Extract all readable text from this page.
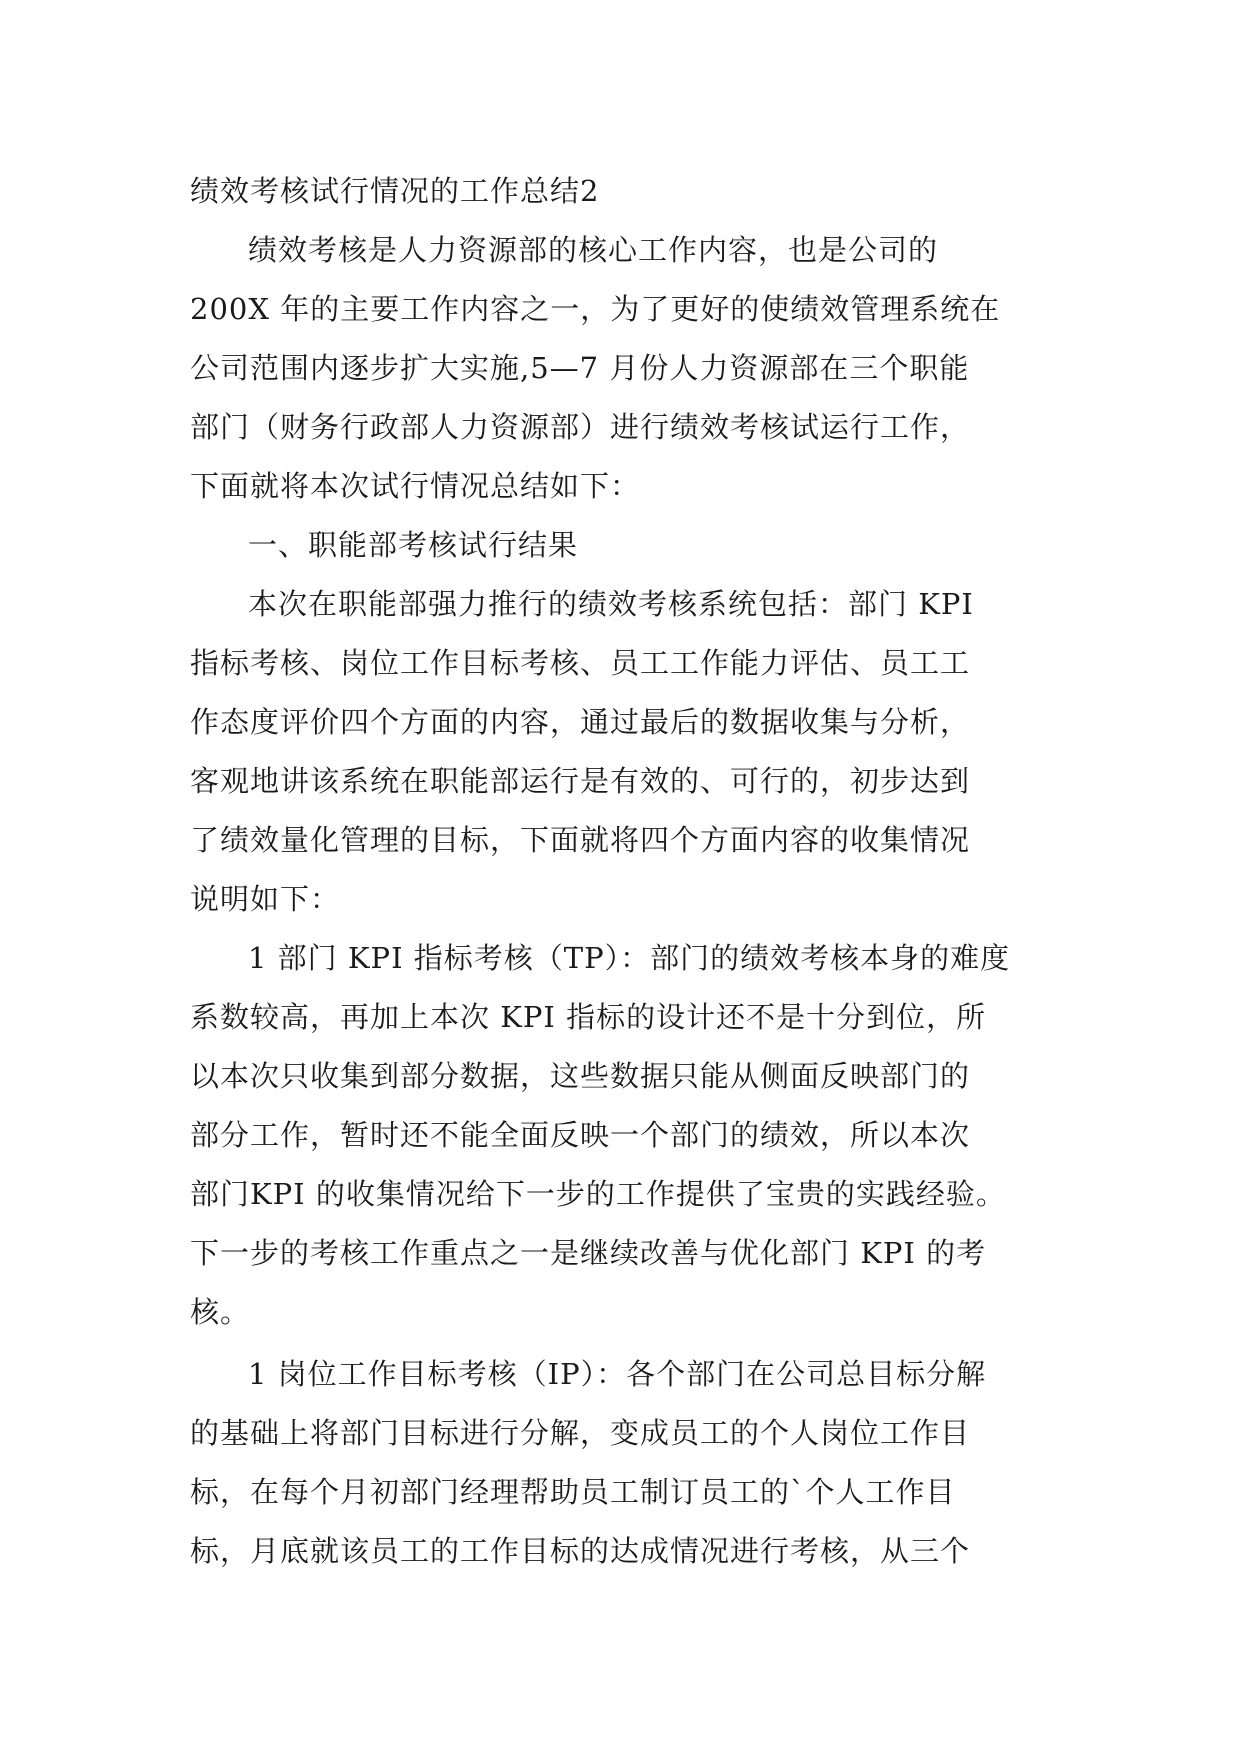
绩效考核试行情况的工作总结2
绩效考核是人力资源部的核心工作内容，也是公司的
200X 年的主要工作内容之一，为了更好的使绩效管理系统在
公司范围内逐步扩大实施,5—7 月份人力资源部在三个职能
部门（财务行政部人力资源部）进行绩效考核试运行工作，
下面就将本次试行情况总结如下：
一、职能部考核试行结果
本次在职能部强力推行的绩效考核系统包括：部门 KPI
指标考核、岗位工作目标考核、员工工作能力评估、员工工
作态度评价四个方面的内容，通过最后的数据收集与分析，
客观地讲该系统在职能部运行是有效的、可行的，初步达到
了绩效量化管理的目标，下面就将四个方面内容的收集情况
说明如下：
1 部门 KPI 指标考核（TP）：部门的绩效考核本身的难度
系数较高，再加上本次 KPI 指标的设计还不是十分到位，所
以本次只收集到部分数据，这些数据只能从侧面反映部门的
部分工作，暂时还不能全面反映一个部门的绩效，所以本次
部门KPI 的收集情况给下一步的工作提供了宝贵的实践经验。
下一步的考核工作重点之一是继续改善与优化部门 KPI 的考
核。
1 岗位工作目标考核（IP）：各个部门在公司总目标分解
的基础上将部门目标进行分解，变成员工的个人岗位工作目
标，在每个月初部门经理帮助员工制订员工的`个人工作目
标，月底就该员工的工作目标的达成情况进行考核，从三个
